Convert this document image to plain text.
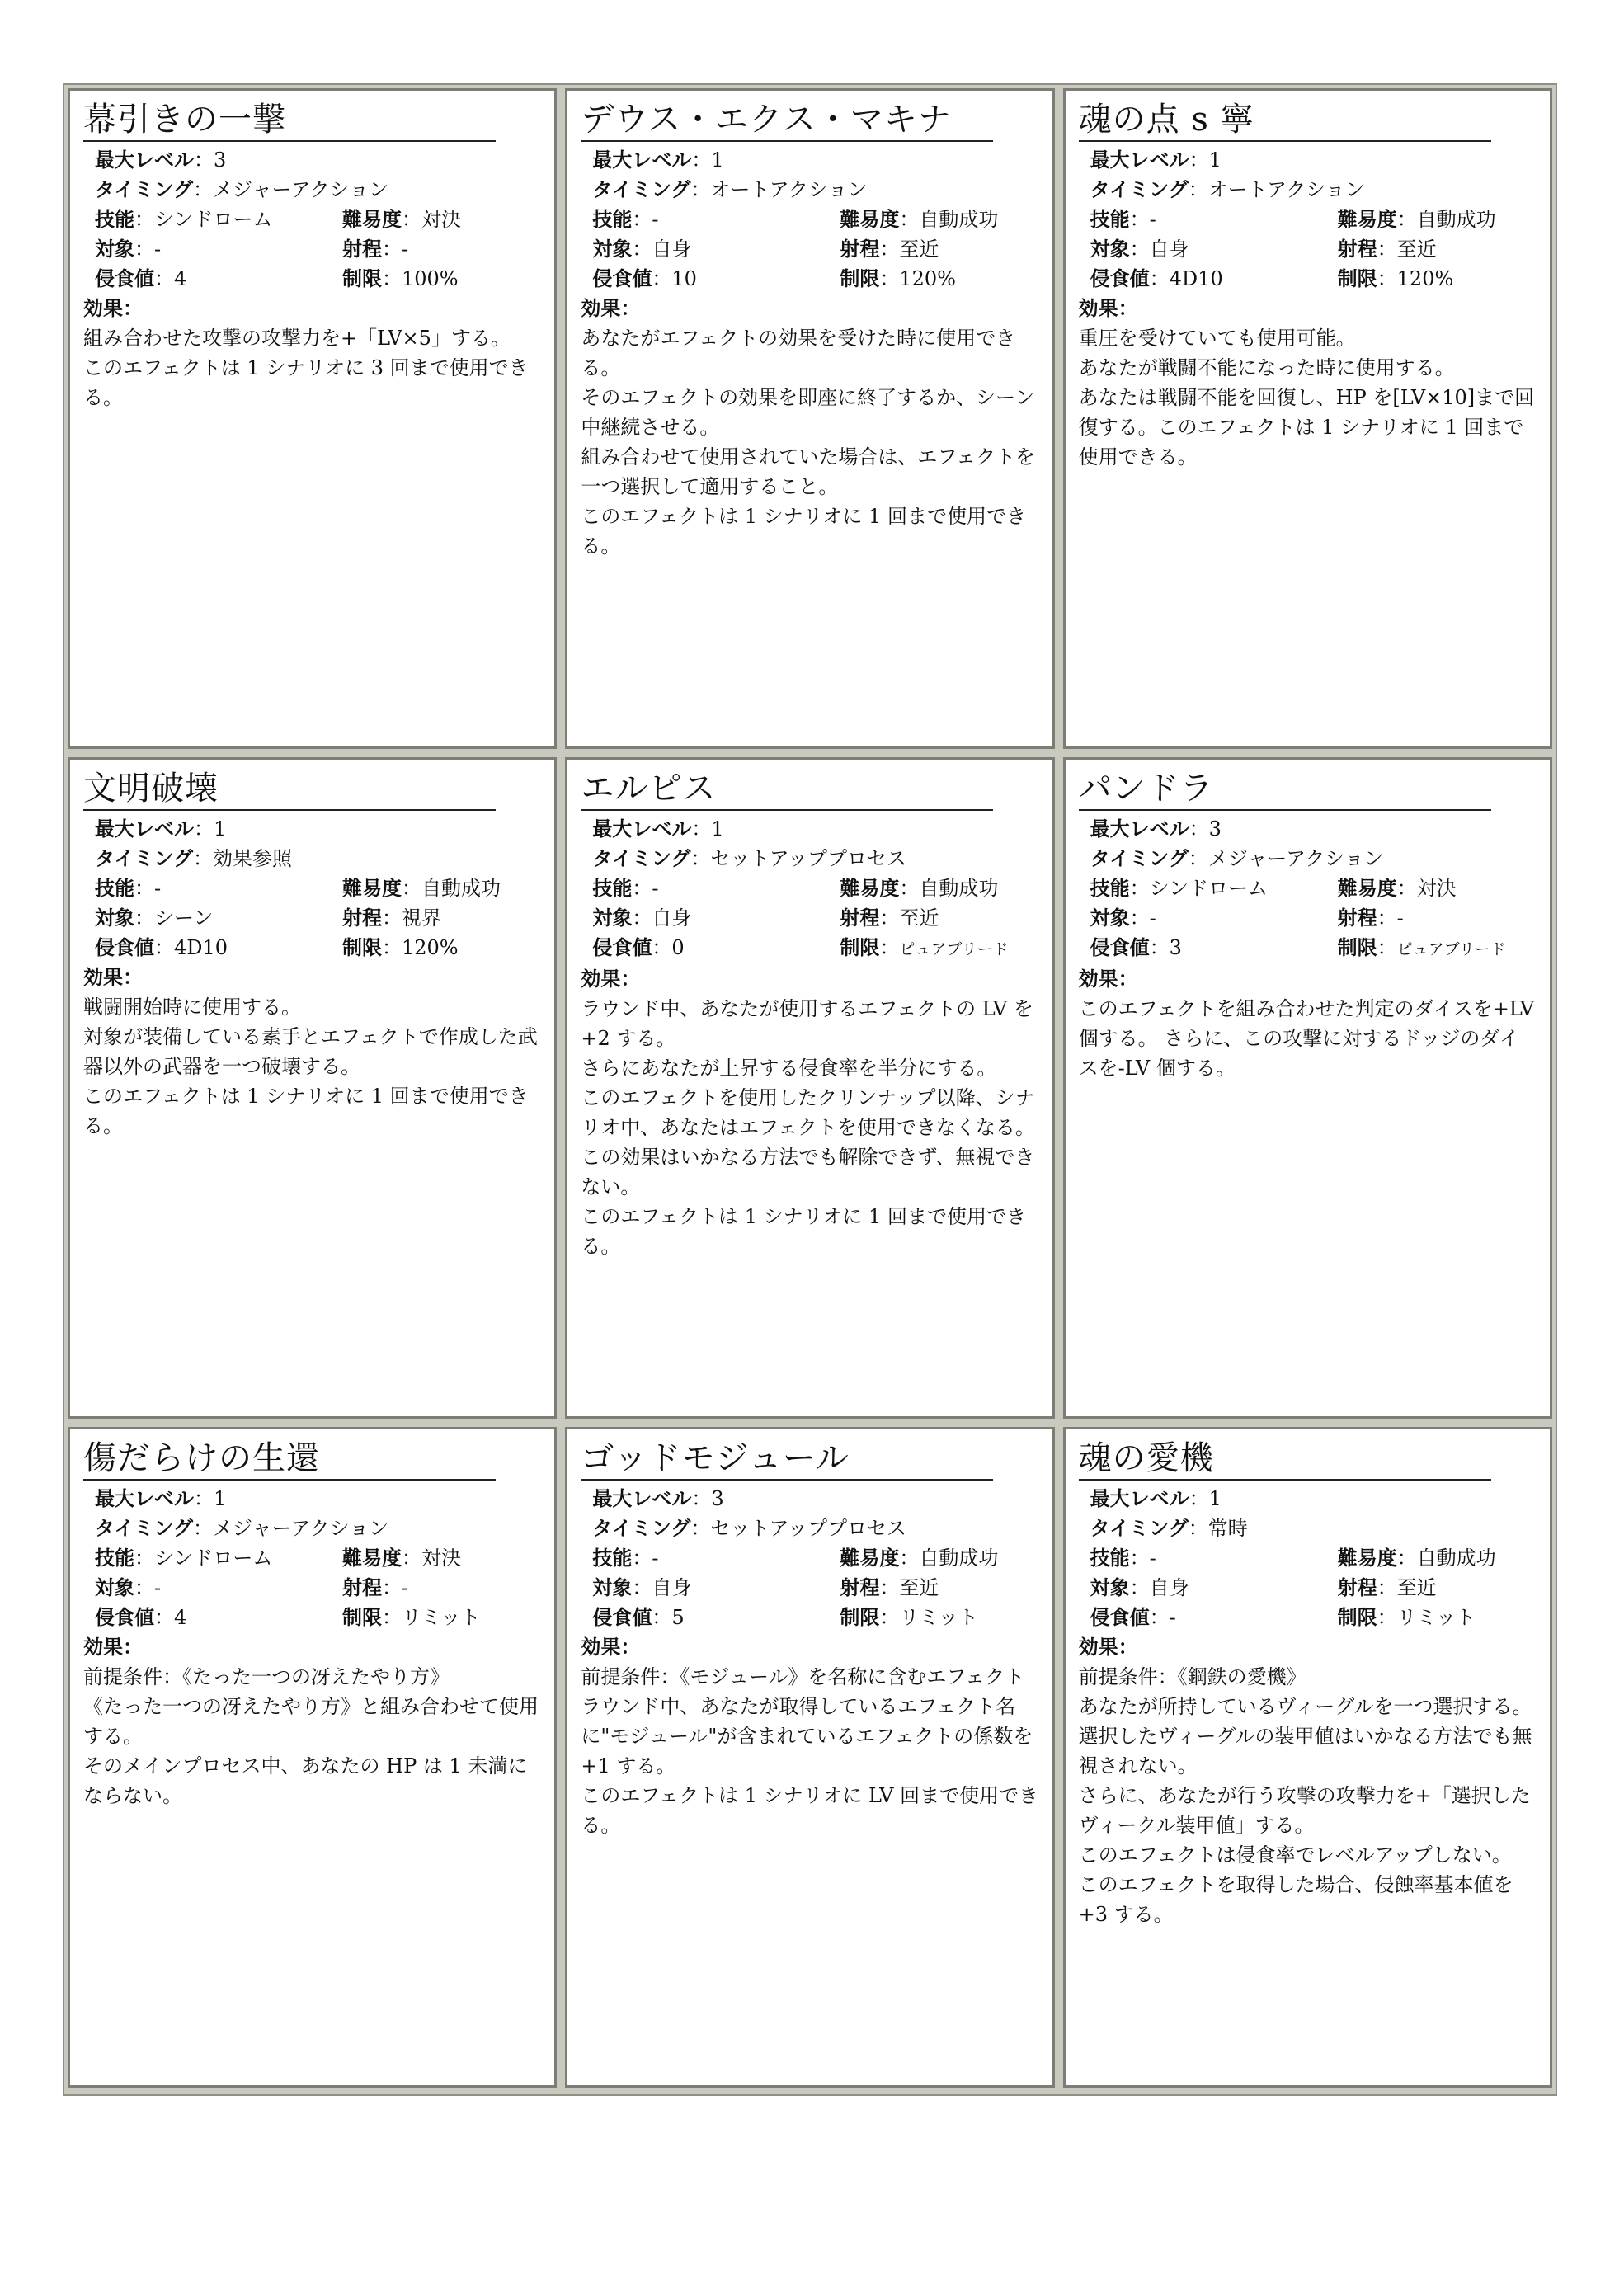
幕引きの一撃
最大レベル ： 3
タイミング ： メジャーアクション
技能：シンドローム	難易度：対決
対象：-	射程：-
侵食値：4	制限：100%
効果：

組み合わせた攻撃の攻撃力を+「LV×5」する。

このエフェクトは 1 シナリオに 3 回まで使用できる。

デウス・エクス・マキナ
最大レベル ： 1
タイミング ： オートアクション
技能：-	難易度：自動成功
対象：自身	射程：至近
侵食値：10	制限：120%
効果：

あなたがエフェクトの効果を受けた時に使用できる。

そのエフェクトの効果を即座に終了するか、シーン中継続させる。

組み合わせて使用されていた場合は、エフェクトを一つ選択して適用すること。

このエフェクトは 1 シナリオに 1 回まで使用できる。

魂の点 s 寧
最大レベル ： 1
タイミング ： オートアクション
技能：-	難易度：自動成功
対象：自身	射程：至近
侵食値：4D10	制限：120%
効果：

重圧を受けていても使用可能。

あなたが戦闘不能になった時に使用する。

あなたは戦闘不能を回復し、HP を[LV×10]まで回復する。このエフェクトは 1 シナリオに 1 回まで使用できる。

文明破壊
最大レベル ： 1
タイミング ： 効果参照
技能：-	難易度：自動成功
対象：シーン	射程：視界
侵食値：4D10	制限：120%
効果：

戦闘開始時に使用する。

対象が装備している素手とエフェクトで作成した武器以外の武器を一つ破壊する。

このエフェクトは 1 シナリオに 1 回まで使用できる。

エルピス
最大レベル ： 1
タイミング ： セットアッププロセス
技能：-	難易度：自動成功
対象：自身	射程：至近
侵食値：0	制限：ピュアブリード
効果：

ラウンド中、あなたが使用するエフェクトの LV を+2 する。

さらにあなたが上昇する侵食率を半分にする。

このエフェクトを使用したクリンナップ以降、シナリオ中、あなたはエフェクトを使用できなくなる。

この効果はいかなる方法でも解除できず、無視できない。

このエフェクトは 1 シナリオに 1 回まで使用できる。

パンドラ
最大レベル ： 3
タイミング ： メジャーアクション
技能：シンドローム	難易度：対決
対象：-	射程：-
侵食値：3	制限：ピュアブリード
効果：

このエフェクトを組み合わせた判定のダイスを+LV 個する。 さらに、この攻撃に対するドッジのダイスを-LV 個する。

傷だらけの生還
最大レベル ： 1
タイミング ： メジャーアクション
技能：シンドローム	難易度：対決
対象：-	射程：-
侵食値：4	制限：リミット
効果：

前提条件：《たった一つの冴えたやり方》

《たった一つの冴えたやり方》と組み合わせて使用する。

そのメインプロセス中、あなたの HP は 1 未満にならない。

ゴッドモジュール
最大レベル ： 3
タイミング ： セットアッププロセス
技能：-	難易度：自動成功
対象：自身	射程：至近
侵食値：5	制限：リミット
効果：

前提条件：《モジュール》を名称に含むエフェクト

ラウンド中、あなたが取得しているエフェクト名に"モジュール"が含まれているエフェクトの係数を+1 する。

このエフェクトは 1 シナリオに LV 回まで使用できる。

魂の愛機
最大レベル ： 1
タイミング ： 常時
技能：-	難易度：自動成功
対象：自身	射程：至近
侵食値：-	制限：リミット
効果：

前提条件：《鋼鉄の愛機》

あなたが所持しているヴィーグルを一つ選択する。

選択したヴィーグルの装甲値はいかなる方法でも無視されない。

さらに、あなたが行う攻撃の攻撃力を+「選択したヴィークル装甲値」する。

このエフェクトは侵食率でレベルアップしない。

このエフェクトを取得した場合、侵蝕率基本値を+3 する。
